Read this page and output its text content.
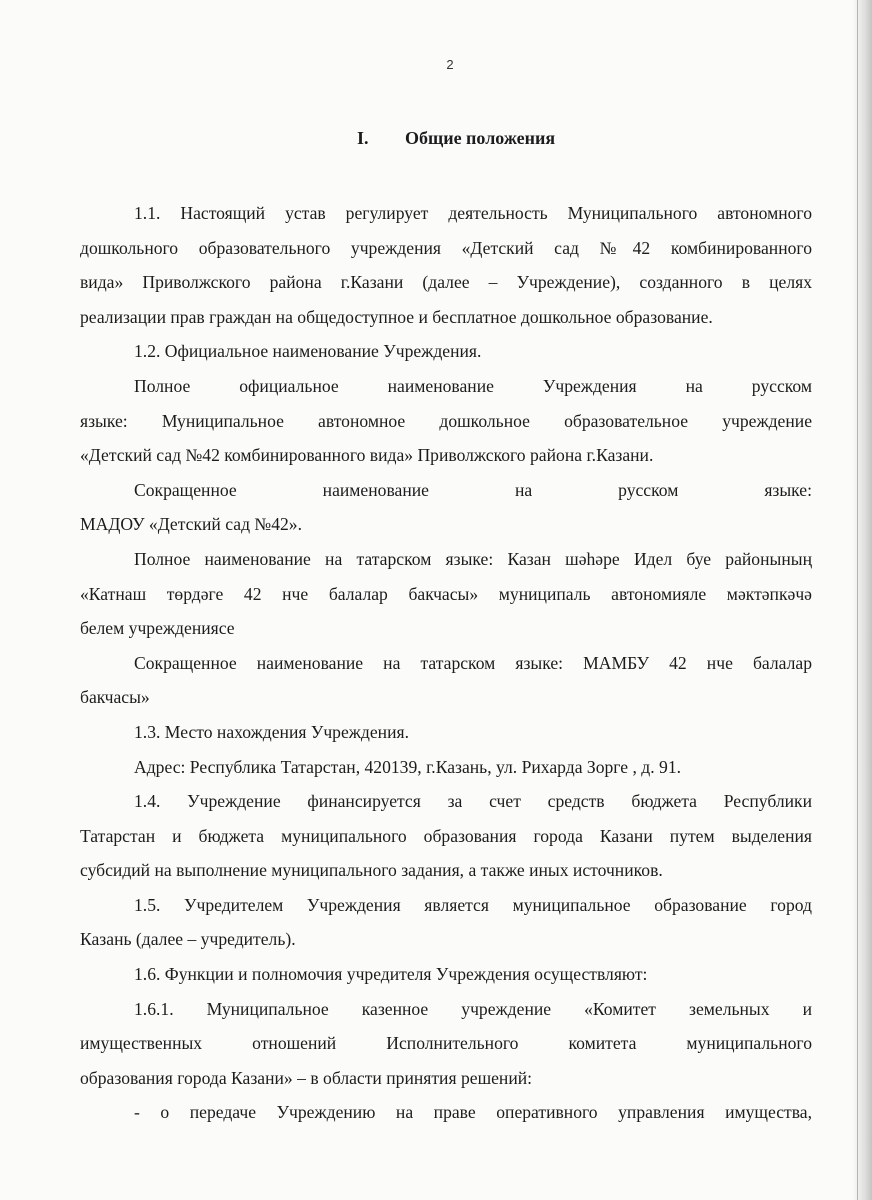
2
I. Общие положения
1.1. Настоящий устав регулирует деятельность Муниципального автономного
дошкольного образовательного учреждения «Детский сад №42 комбинированного
вида» Приволжского района г.Казани (далее – Учреждение), созданного в целях
реализации прав граждан на общедоступное и бесплатное дошкольное образование.
1.2. Официальное наименование Учреждения.
Полное официальное наименование Учреждения на русском
языке: Муниципальное автономное дошкольное образовательное учреждение
«Детский сад №42 комбинированного вида» Приволжского района г.Казани.
Сокращенное наименование на русском языке:
МАДОУ «Детский сад №42».
Полное наименование на татарском языке: Казан шәһәре Идел буе районының
«Катнаш төрдәге 42 нче балалар бакчасы» муниципаль автономияле мәктәпкәчә
белем учреждениясе
Сокращенное наименование на татарском языке: МАМБУ 42 нче балалар
бакчасы»
1.3. Место нахождения Учреждения.
Адрес: Республика Татарстан, 420139, г.Казань, ул. Рихарда Зорге , д. 91.
1.4. Учреждение финансируется за счет средств бюджета Республики
Татарстан и бюджета муниципального образования города Казани путем выделения
субсидий на выполнение муниципального задания, а также иных источников.
1.5. Учредителем Учреждения является муниципальное образование город
Казань (далее – учредитель).
1.6. Функции и полномочия учредителя Учреждения осуществляют:
1.6.1. Муниципальное казенное учреждение «Комитет земельных и
имущественных отношений Исполнительного комитета муниципального
образования города Казани» – в области принятия решений:
- о передаче Учреждению на праве оперативного управления имущества,
